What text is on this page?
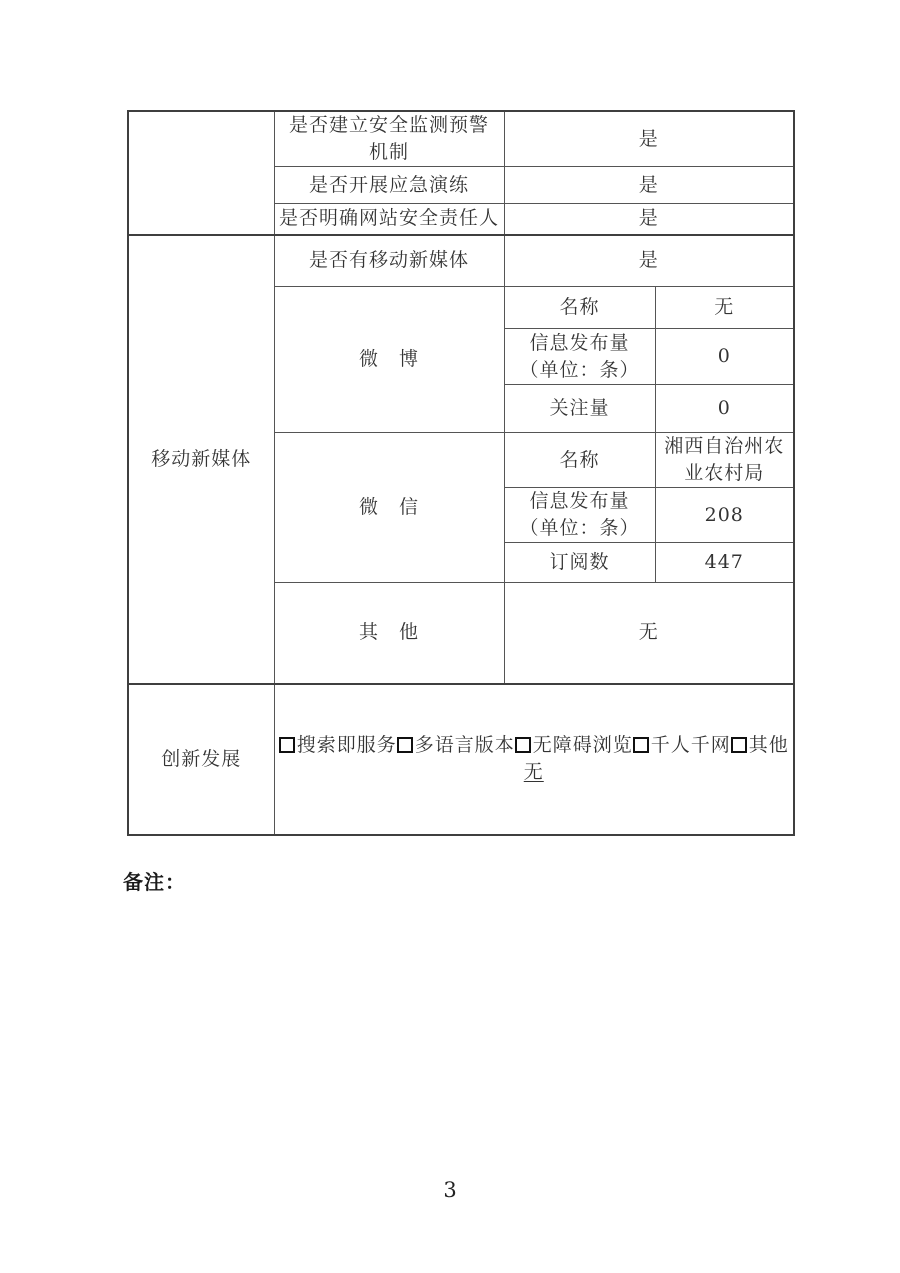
	是否建立安全监测预警
机制	是	
	是否开展应急演练	是	
	是否明确网站安全责任人	是	
移动新媒体	是否有移动新媒体	是	
	微　博	名称	无

		信息发布量
（单位：条）	0
		关注量	0
	微　信	名称	湘西自治州农
业农村局

		信息发布量
（单位：条）	208
		订阅数	447
	其　他	无	
创新发展	搜索即服务 多语言版本 无障碍浏览 千人千网 其他
无		
备注：
3
